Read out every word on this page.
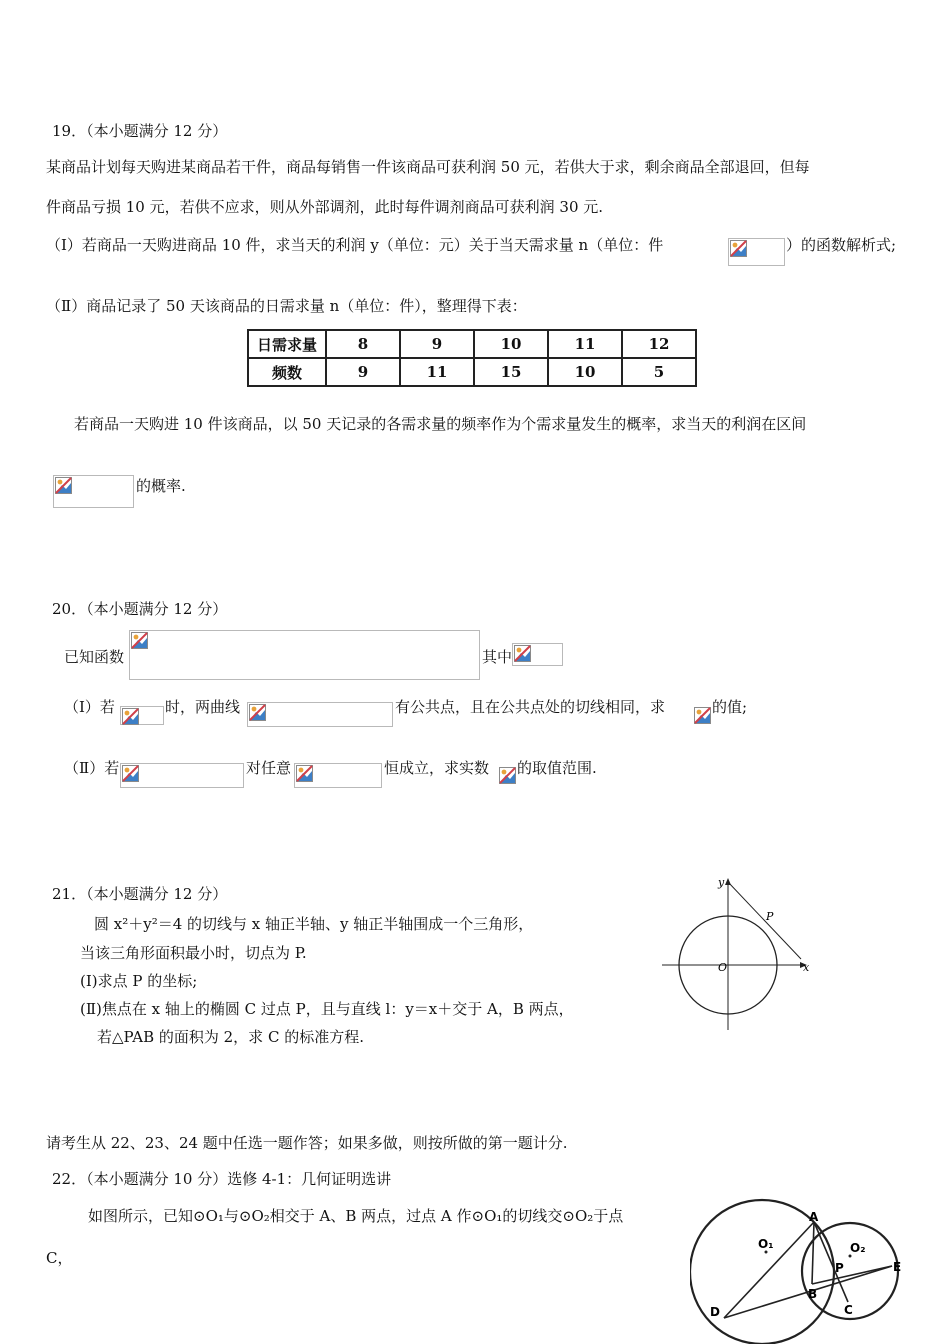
19．（本小题满分 12 分）
某商品计划每天购进某商品若干件，商品每销售一件该商品可获利润 50 元，若供大于求，剩余商品全部退回，但每
件商品亏损 10 元，若供不应求，则从外部调剂，此时每件调剂商品可获利润 30 元.
（Ⅰ）若商品一天购进商品 10 件，求当天的利润 y（单位：元）关于当天需求量 n（单位：件	）的函数解析式;
（Ⅱ）商品记录了 50 天该商品的日需求量 n（单位：件），整理得下表：
日需求量	8	9	10	11	12
频数	9	11	15	10	5
若商品一天购进 10 件该商品，以 50 天记录的各需求量的频率作为个需求量发生的概率，求当天的利润在区间
的概率.
20．（本小题满分 12 分）
已知函数	其中
（Ⅰ）若	时，两曲线	有公共点，且在公共点处的切线相同，求	的值;
（Ⅱ）若	对任意	恒成立，求实数 的取值范围.
21．（本小题满分 12 分）
圆 x²＋y²＝4 的切线与 x 轴正半轴、y 轴正半轴围成一个三角形，
当该三角形面积最小时，切点为 P.
(Ⅰ)求点 P 的坐标;
(Ⅱ)焦点在 x 轴上的椭圆 C 过点 P，且与直线 l：y＝x＋交于 A，B 两点，
若△PAB 的面积为 2，求 C 的标准方程.
y
x
O
P
请考生从 22、23、24 题中任选一题作答；如果多做，则按所做的第一题计分.
22．（本小题满分 10 分）选修 4-1：几何证明选讲
如图所示，已知⊙O₁与⊙O₂相交于 A、B 两点，过点 A 作⊙O₁的切线交⊙O₂于点
C，
O₁	O₂
A
B
C
D
E
P
